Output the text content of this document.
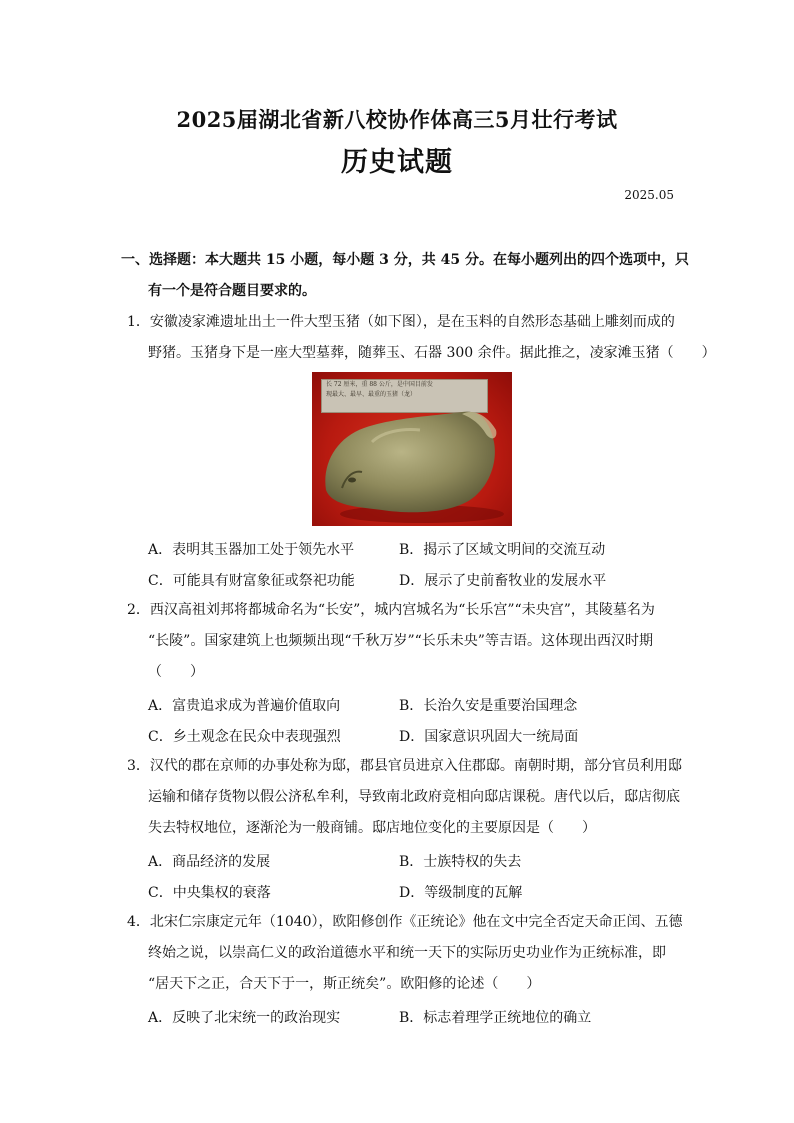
2025届湖北省新八校协作体高三5月壮行考试
历史试题
2025.05
一、选择题：本大题共 15 小题，每小题 3 分，共 45 分。在每小题列出的四个选项中，只
有一个是符合题目要求的。
1．安徽凌家滩遗址出土一件大型玉猪（如下图），是在玉料的自然形态基础上雕刻而成的
野猪。玉猪身下是一座大型墓葬，随葬玉、石器 300 余件。据此推之，凌家滩玉猪（　　）
长 72 厘米，重 88 公斤，是中国目前发
现最大、最早、最重的玉猪（龙）
A．表明其玉器加工处于领先水平	B．揭示了区域文明间的交流互动
C．可能具有财富象征或祭祀功能	D．展示了史前畜牧业的发展水平
2．西汉高祖刘邦将都城命名为“长安”，城内宫城名为“长乐宫”“未央宫”，其陵墓名为
“长陵”。国家建筑上也频频出现“千秋万岁”“长乐未央”等吉语。这体现出西汉时期
（　　）
A．富贵追求成为普遍价值取向	B．长治久安是重要治国理念
C．乡土观念在民众中表现强烈	D．国家意识巩固大一统局面
3．汉代的郡在京师的办事处称为邸，郡县官员进京入住郡邸。南朝时期，部分官员利用邸
运输和储存货物以假公济私牟利，导致南北政府竞相向邸店课税。唐代以后，邸店彻底
失去特权地位，逐渐沦为一般商铺。邸店地位变化的主要原因是（　　）
A．商品经济的发展	B．士族特权的失去
C．中央集权的衰落	D．等级制度的瓦解
4．北宋仁宗康定元年（1040），欧阳修创作《正统论》他在文中完全否定天命正闰、五德
终始之说，以崇高仁义的政治道德水平和统一天下的实际历史功业作为正统标准，即
“居天下之正，合天下于一，斯正统矣”。欧阳修的论述（　　）
A．反映了北宋统一的政治现实	B．标志着理学正统地位的确立
